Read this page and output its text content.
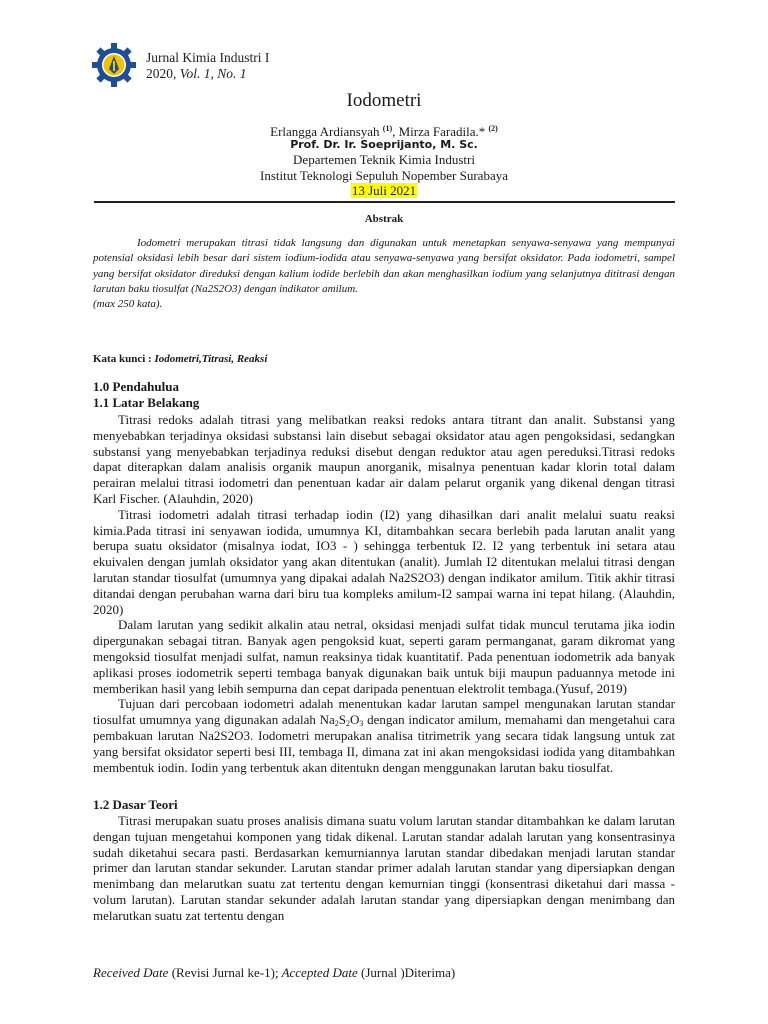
Jurnal Kimia Industri I
2020, Vol. 1, No. 1
Iodometri
Erlangga Ardiansyah $^{(1)}$, Mirza Faradila.* $^{(2)}$
Prof. Dr. Ir. Soeprijanto, M. Sc.
Departemen Teknik Kimia Industri
Institut Teknologi Sepuluh Nopember Surabaya
13 Juli 2021
Abstrak

Iodometri merupakan titrasi tidak langsung dan digunakan untuk menetapkan senyawa-senyawa yang mempunyai potensial oksidasi lebih besar dari sistem iodium-iodida atau senyawa-senyawa yang bersifat oksidator. Pada iodometri, sampel yang bersifat oksidator direduksi dengan kalium iodide berlebih dan akan menghasilkan iodium yang selanjutnya dititrasi dengan larutan baku tiosulfat (Na2S2O3) dengan indikator amilum.

(max 250 kata).

Kata kunci : Iodometri,Titrasi, Reaksi
1.0 Pendahulua
1.1 Latar Belakang

Titrasi redoks adalah titrasi yang melibatkan reaksi redoks antara titrant dan analit. Substansi yang menyebabkan terjadinya oksidasi substansi lain disebut sebagai oksidator atau agen pengoksidasi, sedangkan substansi yang menyebabkan terjadinya reduksi disebut dengan reduktor atau agen pereduksi.Titrasi redoks dapat diterapkan dalam analisis organik maupun anorganik, misalnya penentuan kadar klorin total dalam perairan melalui titrasi iodometri dan penentuan kadar air dalam pelarut organik yang dikenal dengan titrasi Karl Fischer. (Alauhdin, 2020)

Titrasi iodometri adalah titrasi terhadap iodin (I2) yang dihasilkan dari analit melalui suatu reaksi kimia.Pada titrasi ini senyawan iodida, umumnya KI, ditambahkan secara berlebih pada larutan analit yang berupa suatu oksidator (misalnya iodat, IO3 - ) sehingga terbentuk I2. I2 yang terbentuk ini setara atau ekuivalen dengan jumlah oksidator yang akan ditentukan (analit). Jumlah I2 ditentukan melalui titrasi dengan larutan standar tiosulfat (umumnya yang dipakai adalah Na2S2O3) dengan indikator amilum. Titik akhir titrasi ditandai dengan perubahan warna dari biru tua kompleks amilum-I2 sampai warna ini tepat hilang. (Alauhdin, 2020)

Dalam larutan yang sedikit alkalin atau netral, oksidasi menjadi sulfat tidak muncul terutama jika iodin dipergunakan sebagai titran. Banyak agen pengoksid kuat, seperti garam permanganat, garam dikromat yang mengoksid tiosulfat menjadi sulfat, namun reaksinya tidak kuantitatif. Pada penentuan iodometrik ada banyak aplikasi proses iodometrik seperti tembaga banyak digunakan baik untuk biji maupun paduannya metode ini memberikan hasil yang lebih sempurna dan cepat daripada penentuan elektrolit tembaga.(Yusuf, 2019)

Tujuan dari percobaan iodometri adalah menentukan kadar larutan sampel mengunakan larutan standar tiosulfat umumnya yang digunakan adalah $Na_2S_2O_3$ dengan indicator amilum, memahami dan mengetahui cara pembakuan larutan Na2S2O3. Iodometri merupakan analisa titrimetrik yang secara tidak langsung untuk zat yang bersifat oksidator seperti besi III, tembaga II, dimana zat ini akan mengoksidasi iodida yang ditambahkan membentuk iodin. Iodin yang terbentuk akan ditentukn dengan menggunakan larutan baku tiosulfat.

1.2 Dasar Teori

Titrasi merupakan suatu proses analisis dimana suatu volum larutan standar ditambahkan ke dalam larutan dengan tujuan mengetahui komponen yang tidak dikenal. Larutan standar adalah larutan yang konsentrasinya sudah diketahui secara pasti. Berdasarkan kemurniannya larutan standar dibedakan menjadi larutan standar primer dan larutan standar sekunder. Larutan standar primer adalah larutan standar yang dipersiapkan dengan menimbang dan melarutkan suatu zat tertentu dengan kemurnian tinggi (konsentrasi diketahui dari massa - volum larutan). Larutan standar sekunder adalah larutan standar yang dipersiapkan dengan menimbang dan melarutkan suatu zat tertentu dengan

Received Date (Revisi Jurnal ke-1); Accepted Date (Jurnal )Diterima)
